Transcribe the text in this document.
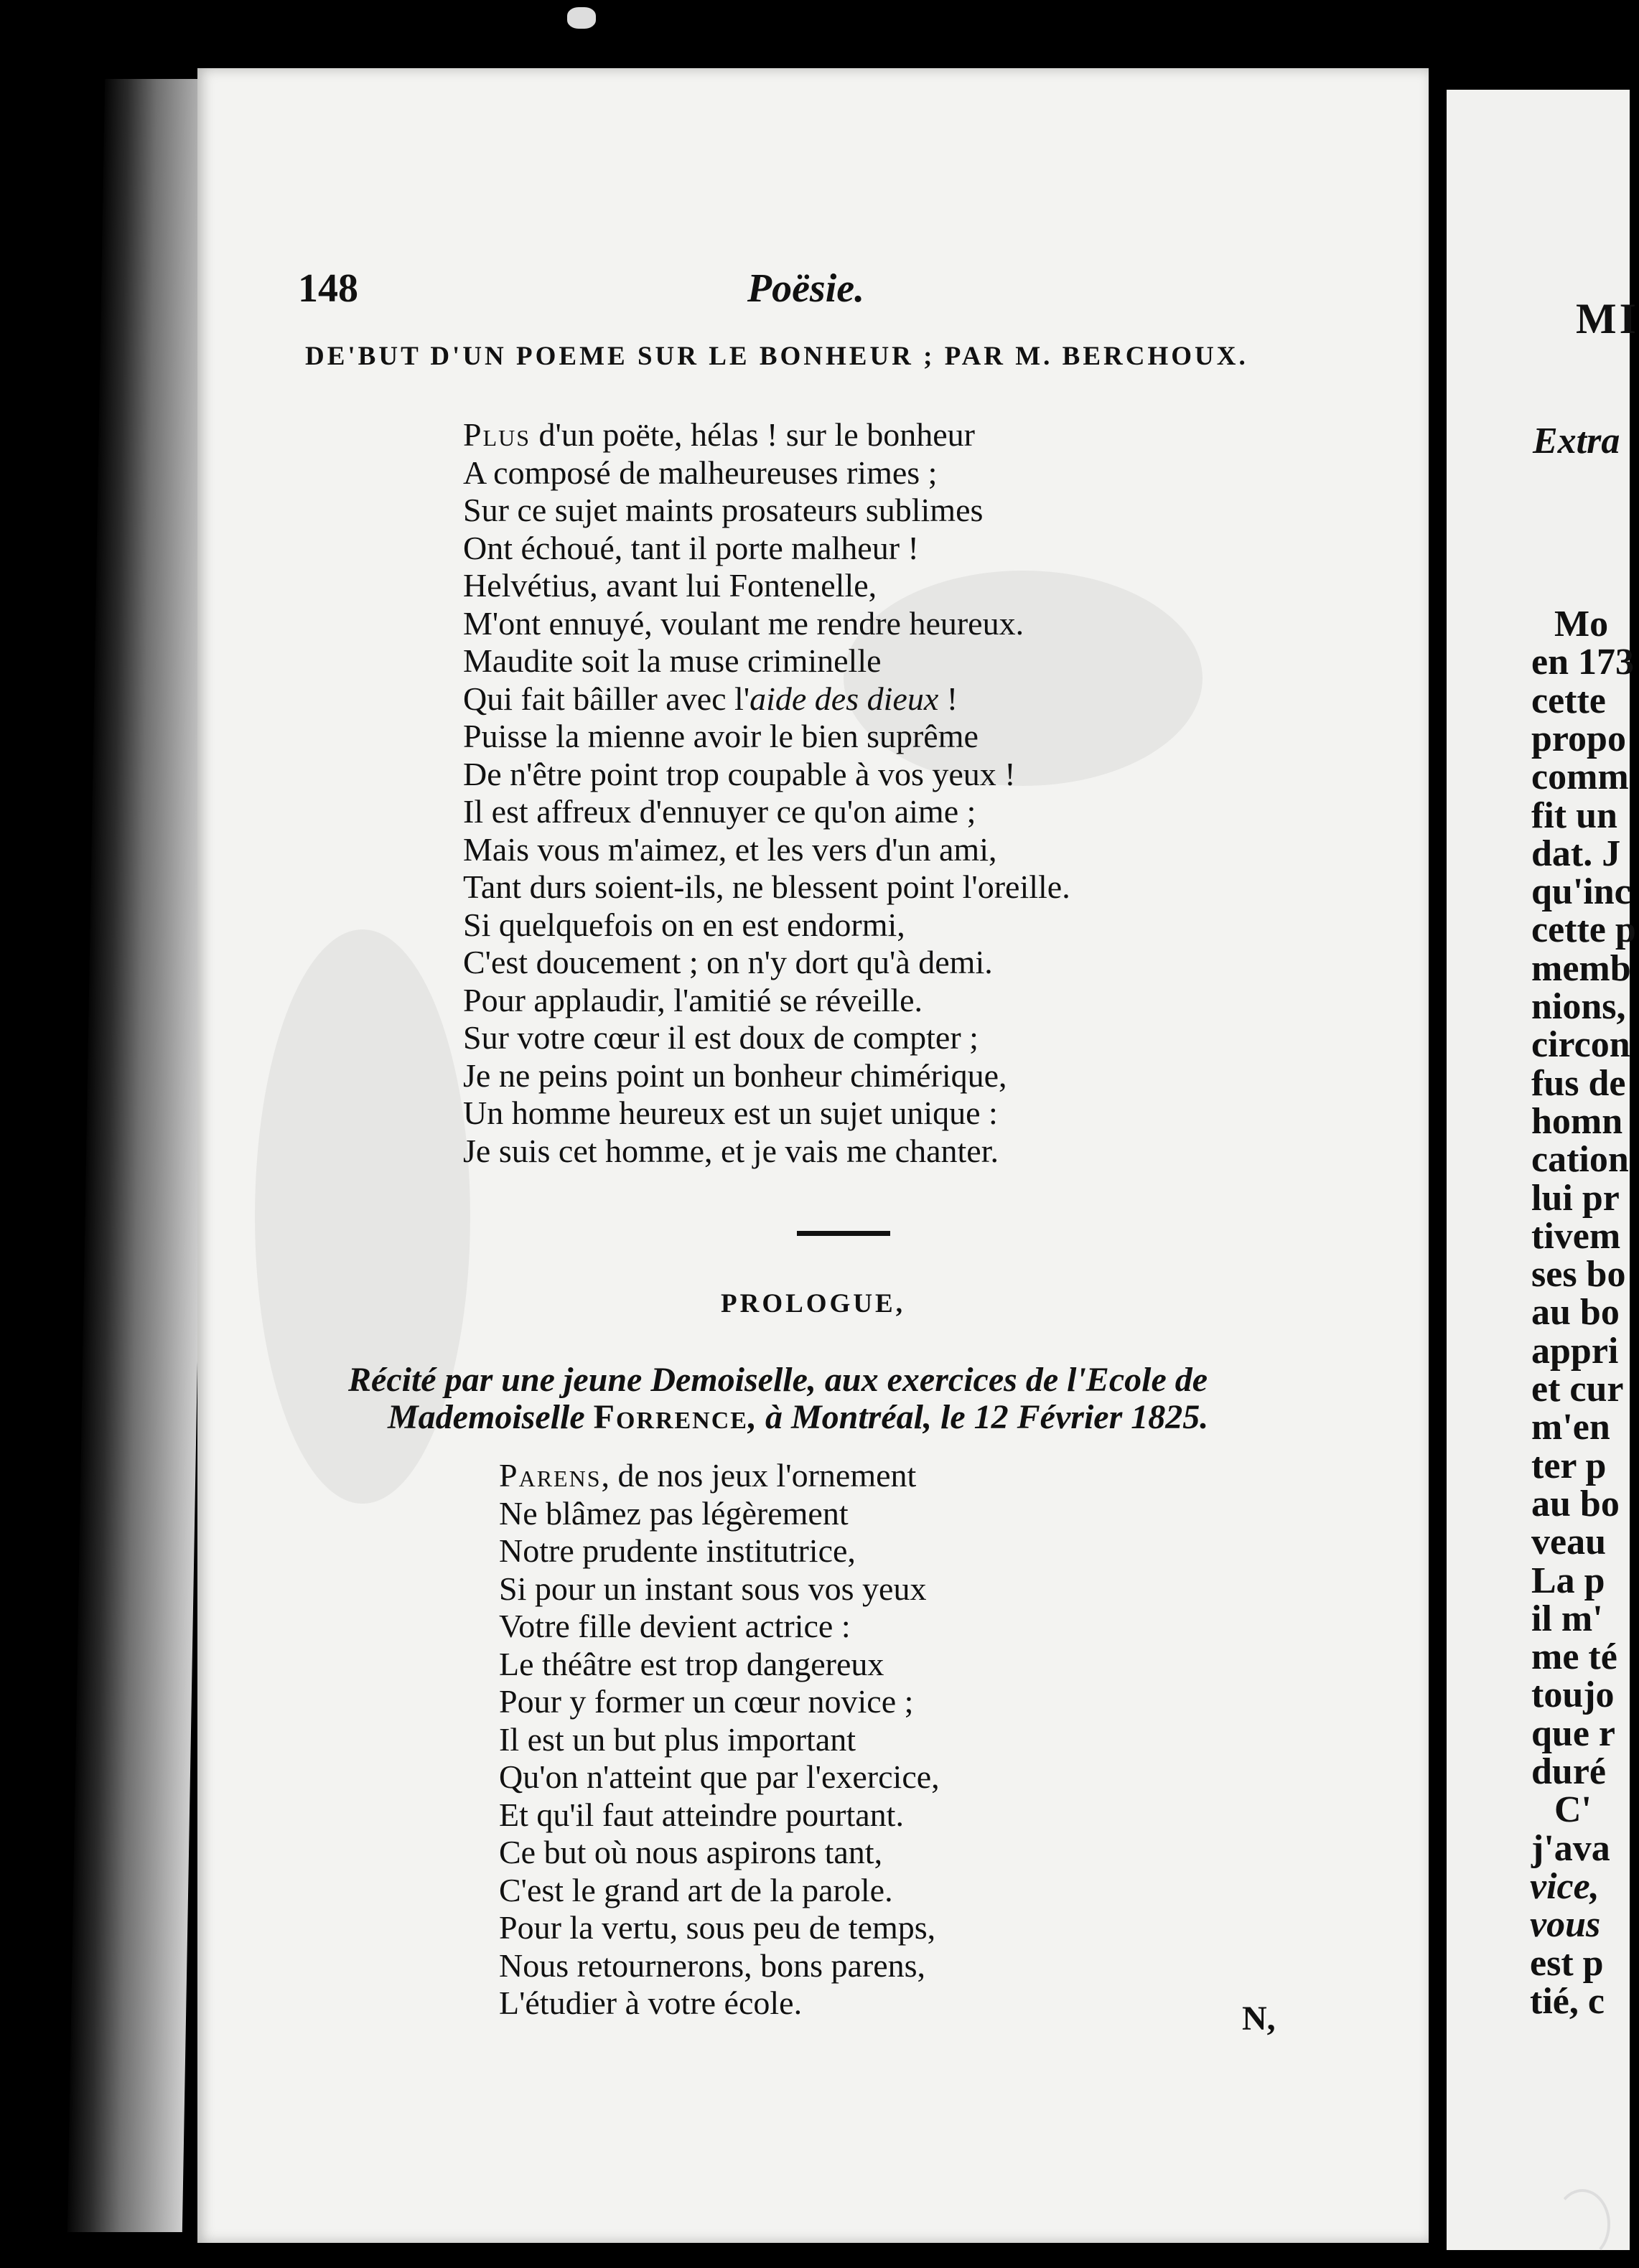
148	Poësie.
DE'BUT D'UN POEME SUR LE BONHEUR ; PAR M. BERCHOUX.
Plus d'un poëte, hélas ! sur le bonheur
A composé de malheureuses rimes ;
Sur ce sujet maints prosateurs sublimes
Ont échoué, tant il porte malheur !
Helvétius, avant lui Fontenelle,
M'ont ennuyé, voulant me rendre heureux.
Maudite soit la muse criminelle
Qui fait bâiller avec l'aide des dieux !
Puisse la mienne avoir le bien suprême
De n'être point trop coupable à vos yeux !
Il est affreux d'ennuyer ce qu'on aime ;
Mais vous m'aimez, et les vers d'un ami,
Tant durs soient-ils, ne blessent point l'oreille.
Si quelquefois on en est endormi,
C'est doucement ; on n'y dort qu'à demi.
Pour applaudir, l'amitié se réveille.
Sur votre cœur il est doux de compter ;
Je ne peins point un bonheur chimérique,
Un homme heureux est un sujet unique :
Je suis cet homme, et je vais me chanter.
PROLOGUE,
Récité par une jeune Demoiselle, aux exercices de l'Ecole de
Mademoiselle Forrence, à Montréal, le 12 Février 1825.
Parens, de nos jeux l'ornement
Ne blâmez pas légèrement
Notre prudente institutrice,
Si pour un instant sous vos yeux
Votre fille devient actrice :
Le théâtre est trop dangereux
Pour y former un cœur novice ;
Il est un but plus important
Qu'on n'atteint que par l'exercice,
Et qu'il faut atteindre pourtant.
Ce but où nous aspirons tant,
C'est le grand art de la parole.
Pour la vertu, sous peu de temps,
Nous retournerons, bons parens,
L'étudier à votre école.	N,
MI
Extra
Mo
en 173
cette
propo
comm
fit un
dat. J
qu'inc
cette p
memb
nions,
circon
fus de
homn
cation
lui pr
tivem
ses bo
au bo
appri
et cur
m'en
ter p
au bo
veau
La p
il m'
me té
toujo
que r
duré
C'
j'ava
vice,
vous
est p
tié, c
